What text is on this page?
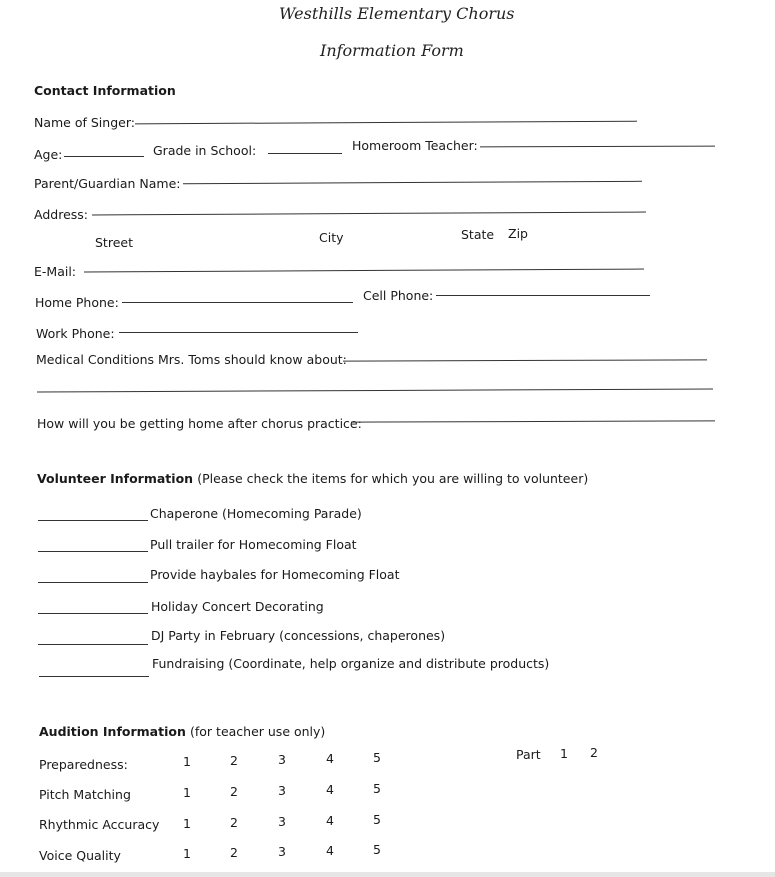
Westhills Elementary Chorus
Information Form
Contact Information
Name of Singer:
Age:	Grade in School:	Homeroom Teacher:
Parent/Guardian Name:
Address:
Street	City	State Zip
E-Mail:
Home Phone:	Cell Phone:
Work Phone:
Medical Conditions Mrs. Toms should know about:
How will you be getting home after chorus practice:
Volunteer Information (Please check the items for which you are willing to volunteer)
Chaperone (Homecoming Parade)
Pull trailer for Homecoming Float
Provide haybales for Homecoming Float
Holiday Concert Decorating
DJ Party in February (concessions, chaperones)
Fundraising (Coordinate, help organize and distribute products)
Audition Information (for teacher use only)
Part 1 2
Preparedness:	1	2	3	4	5
Pitch Matching	1	2	3	4	5
Rhythmic Accuracy 1	2	3	4	5
Voice Quality	1	2	3	4	5
